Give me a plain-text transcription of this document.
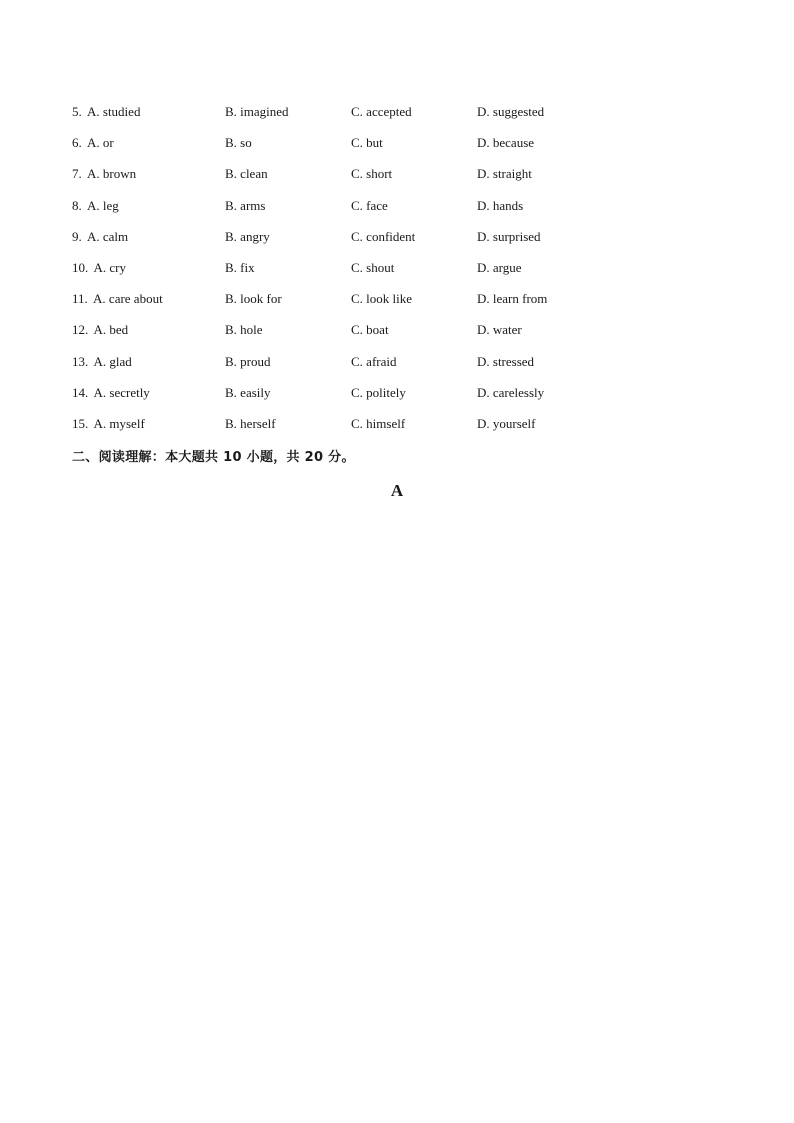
5. A. studied	B. imagined	C. accepted	D. suggested
6. A. or	B. so	C. but	D. because
7. A. brown	B. clean	C. short	D. straight
8. A. leg	B. arms	C. face	D. hands
9. A. calm	B. angry	C. confident	D. surprised
10. A. cry	B. fix	C. shout	D. argue
11. A. care about	B. look for	C. look like	D. learn from
12. A. bed	B. hole	C. boat	D. water
13. A. glad	B. proud	C. afraid	D. stressed
14. A. secretly	B. easily	C. politely	D. carelessly
15. A. myself	B. herself	C. himself	D. yourself
二、阅读理解：本大题共 10 小题，共 20 分。
A
